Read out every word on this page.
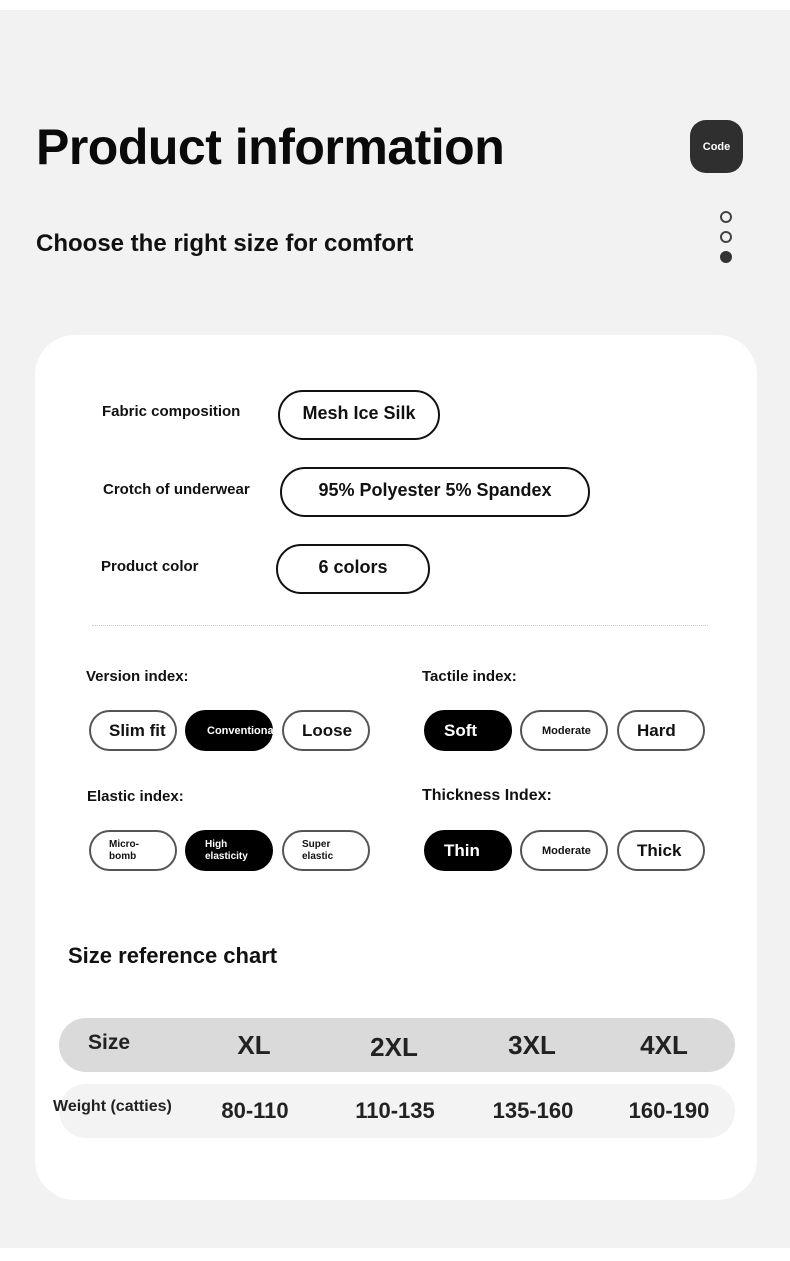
Product information
Choose the right size for comfort
Code
Fabric composition	Mesh Ice Silk
Crotch of underwear	95% Polyester 5% Spandex
Product color	6 colors
Version index:
Slim fit	Conventional	Loose
Tactile index:
Soft	Moderate	Hard
Elastic index:
Micro-
bomb
High
elasticity
Super
elastic
Thickness Index:
Thin	Moderate	Thick
Size reference chart
Size	XL	2XL	3XL	4XL
Weight (catties) 80-110	110-135	135-160	160-190
